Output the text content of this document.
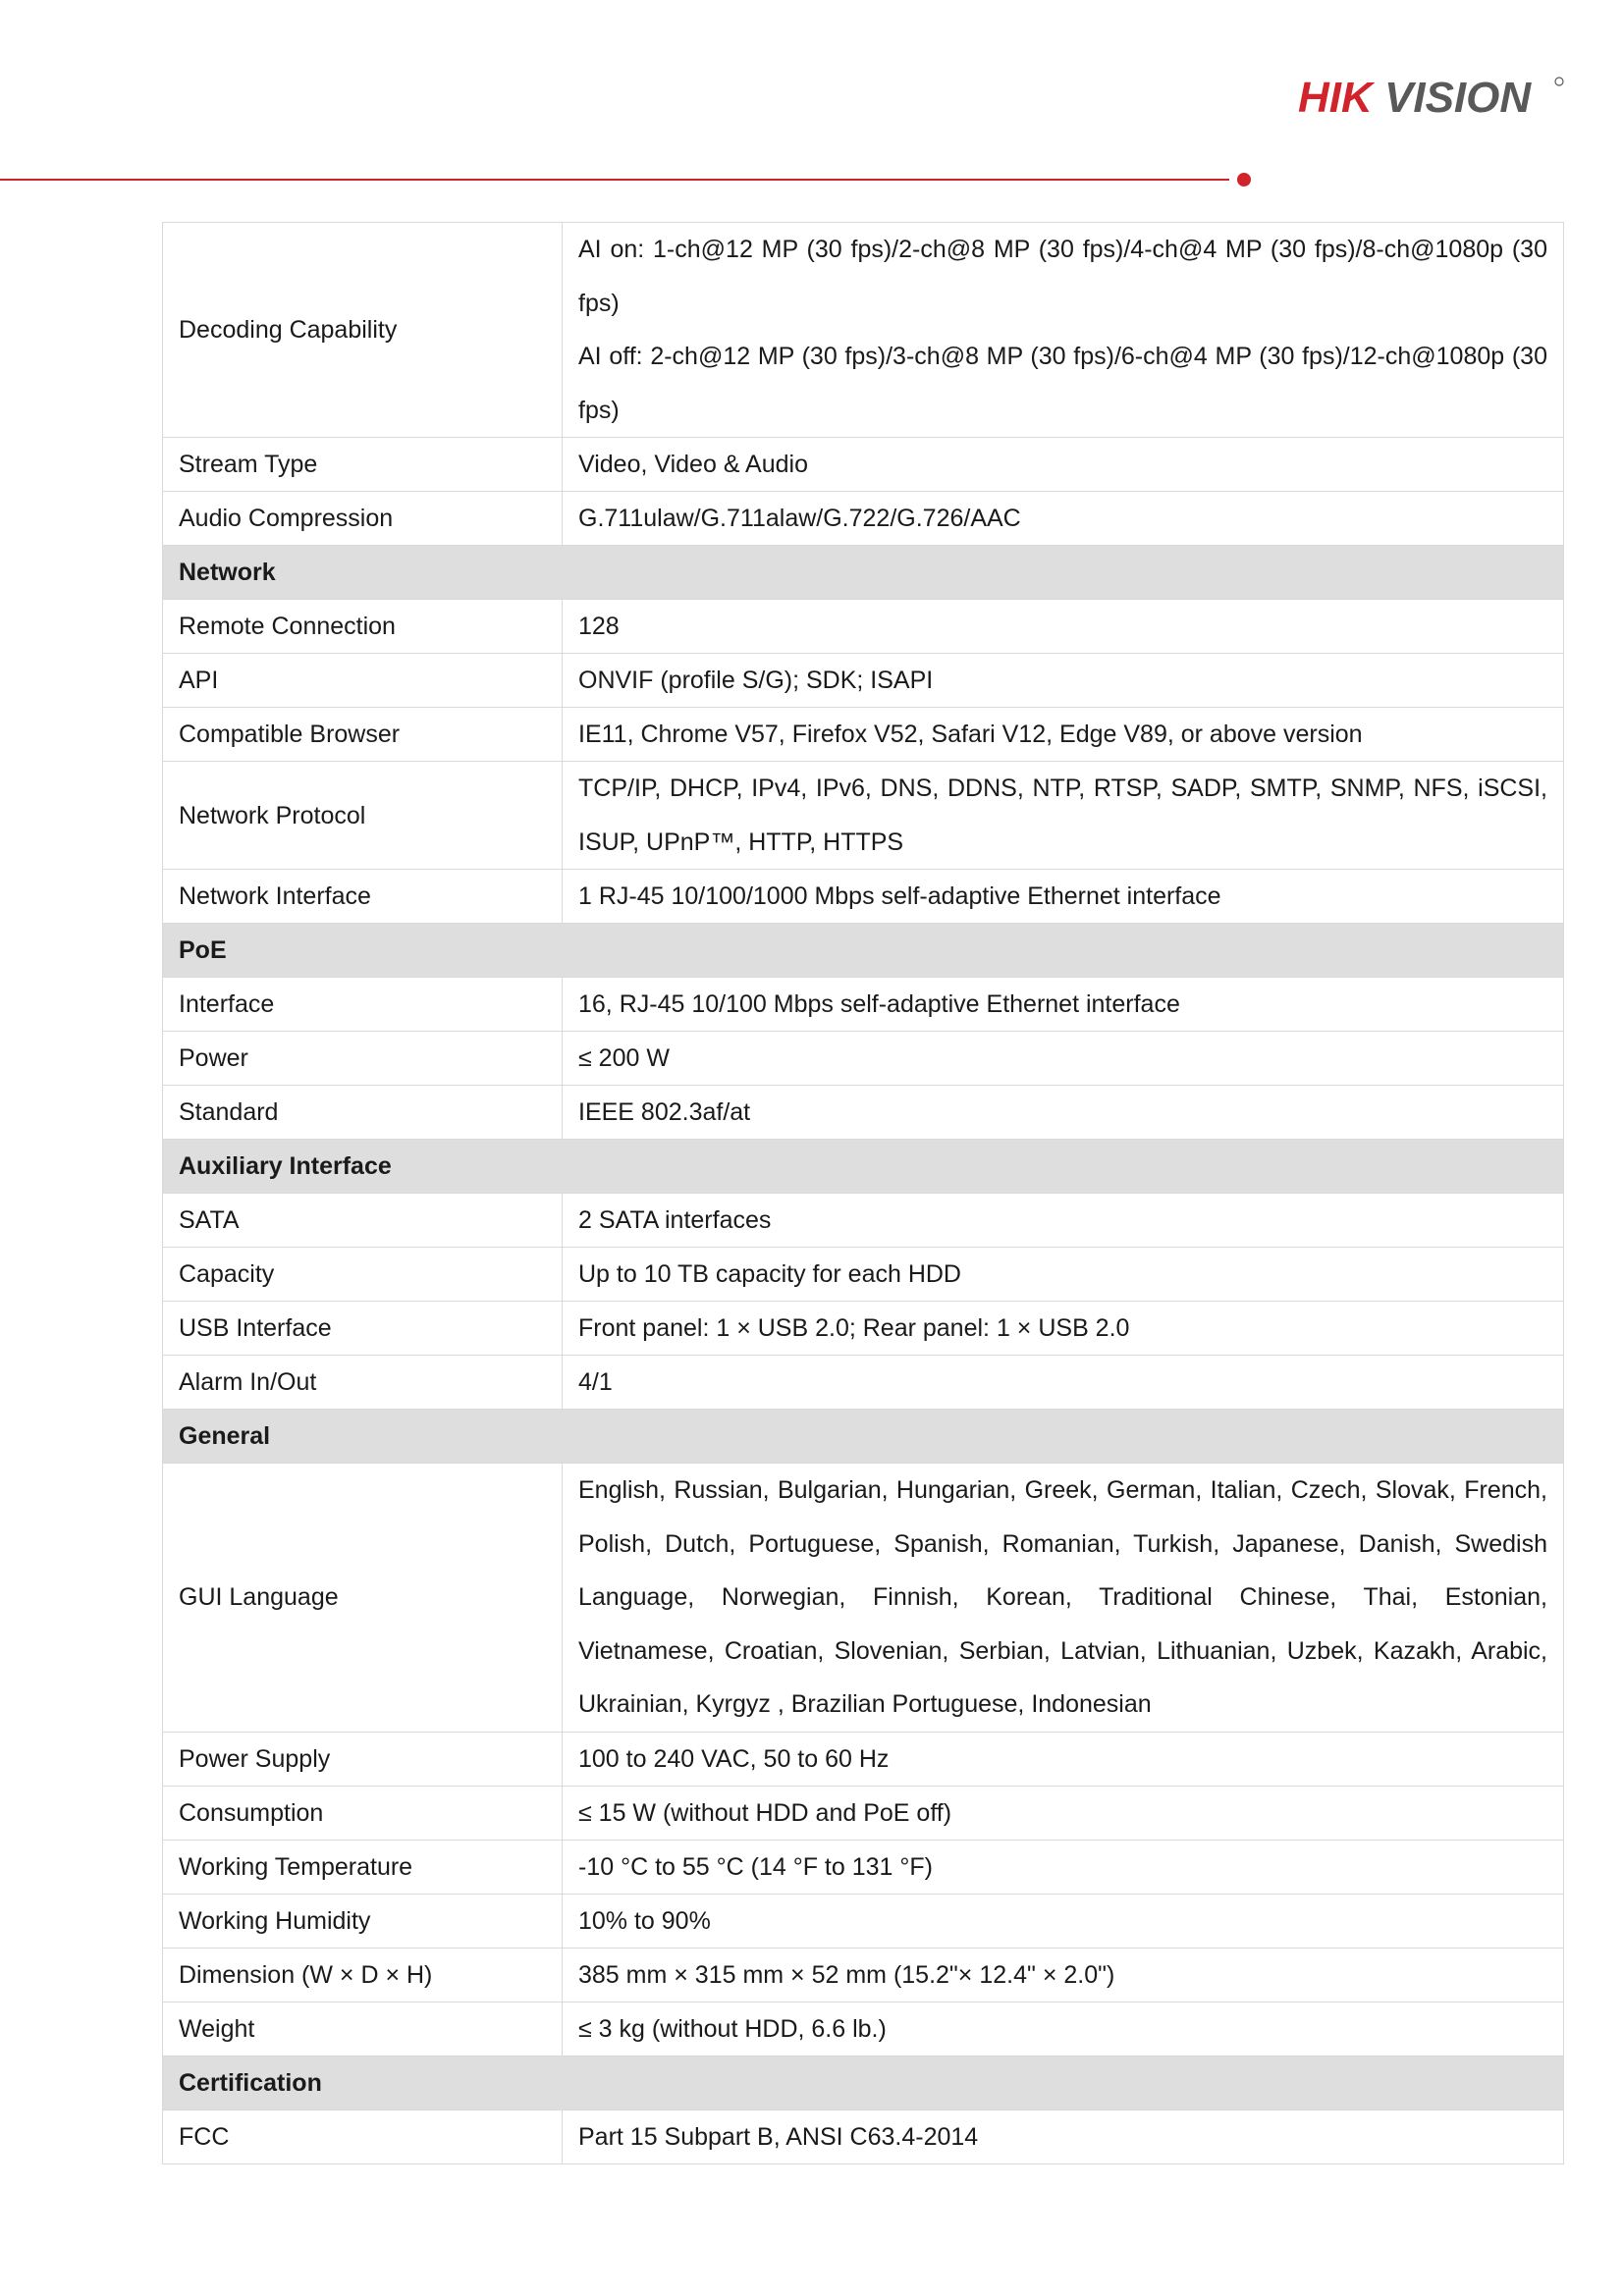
HIK VISION
Decoding Capability	AI on: 1-ch@12 MP (30 fps)/2-ch@8 MP (30 fps)/4-ch@4 MP (30 fps)/8-ch@1080p (30 fps)
AI off: 2-ch@12 MP (30 fps)/3-ch@8 MP (30 fps)/6-ch@4 MP (30 fps)/12-ch@1080p (30 fps)

Stream Type	Video, Video & Audio
Audio Compression	G.711ulaw/G.711alaw/G.722/G.726/AAC
Network	
Remote Connection	128
API	ONVIF (profile S/G); SDK; ISAPI
Compatible Browser	IE11, Chrome V57, Firefox V52, Safari V12, Edge V89, or above version
Network Protocol	TCP/IP, DHCP, IPv4, IPv6, DNS, DDNS, NTP, RTSP, SADP, SMTP, SNMP, NFS, iSCSI, ISUP, UPnP™, HTTP, HTTPS
Network Interface	1 RJ-45 10/100/1000 Mbps self-adaptive Ethernet interface
PoE	
Interface	16, RJ-45 10/100 Mbps self-adaptive Ethernet interface
Power	≤ 200 W
Standard	IEEE 802.3af/at
Auxiliary Interface	
SATA	2 SATA interfaces
Capacity	Up to 10 TB capacity for each HDD
USB Interface	Front panel: 1 × USB 2.0; Rear panel: 1 × USB 2.0
Alarm In/Out	4/1
General	
GUI Language	English, Russian, Bulgarian, Hungarian, Greek, German, Italian, Czech, Slovak, French, Polish, Dutch, Portuguese, Spanish, Romanian, Turkish, Japanese, Danish, Swedish Language, Norwegian, Finnish, Korean, Traditional Chinese, Thai, Estonian, Vietnamese, Croatian, Slovenian, Serbian, Latvian, Lithuanian, Uzbek, Kazakh, Arabic, Ukrainian, Kyrgyz , Brazilian Portuguese, Indonesian
Power Supply	100 to 240 VAC, 50 to 60 Hz
Consumption	≤ 15 W (without HDD and PoE off)
Working Temperature	-10 °C to 55 °C (14 °F to 131 °F)
Working Humidity	10% to 90%
Dimension (W × D × H)	385 mm × 315 mm × 52 mm (15.2"× 12.4" × 2.0")
Weight	≤ 3 kg (without HDD, 6.6 lb.)
Certification	
FCC	Part 15 Subpart B, ANSI C63.4-2014
